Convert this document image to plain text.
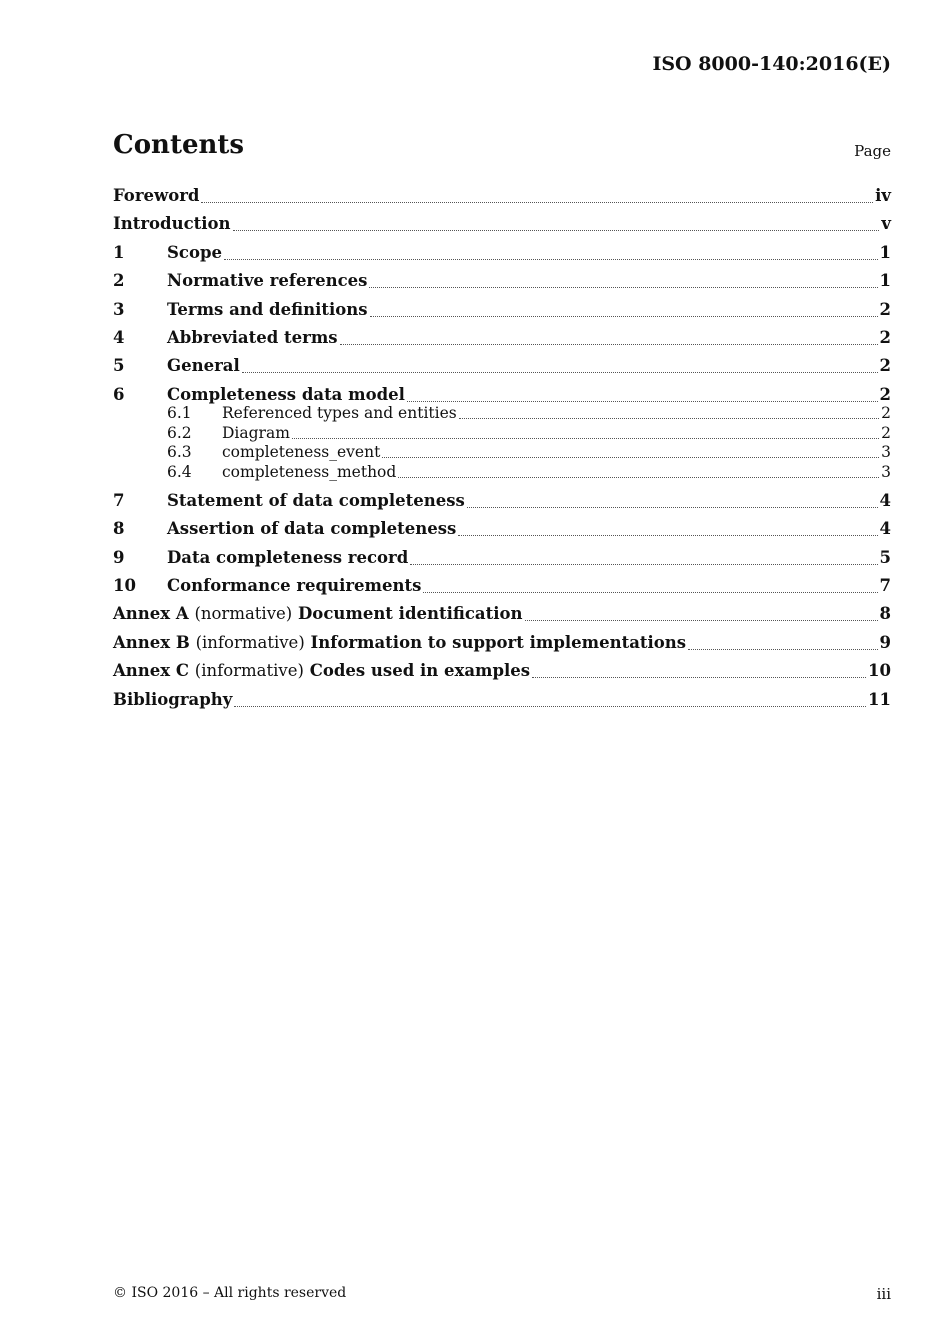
ISO 8000-140:2016(E)
Contents	Page
Foreword	iv
Introduction	v
1	Scope	1
2	Normative references	1
3	Terms and definitions	2
4	Abbreviated terms	2
5	General	2
6	Completeness data model	2
6.1	Referenced types and entities	2
6.2	Diagram	2
6.3	completeness_event	3
6.4	completeness_method	3
7	Statement of data completeness	4
8	Assertion of data completeness	4
9	Data completeness record	5
10	Conformance requirements	7
Annex A (normative) Document identification	8
Annex B (informative) Information to support implementations	9
Annex C (informative) Codes used in examples	10
Bibliography	11
© ISO 2016 – All rights reserved	iii
